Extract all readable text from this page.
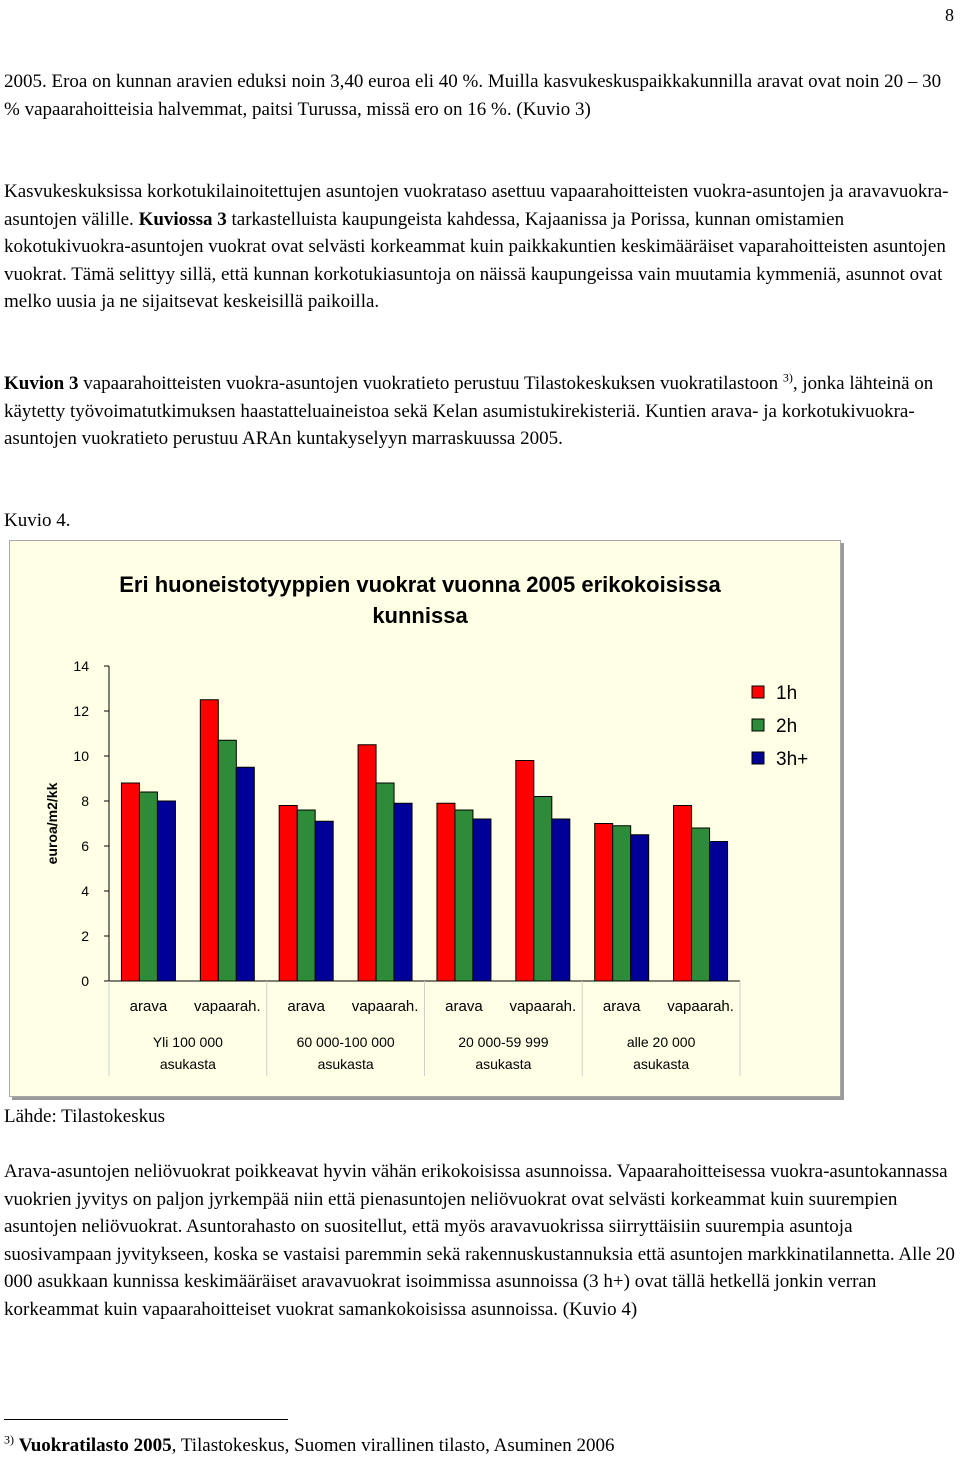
8

2005. Eroa on kunnan aravien eduksi noin 3,40 euroa eli 40 %. Muilla kasvukeskuspaikkakunnilla aravat ovat noin 20 – 30 % vapaarahoitteisia halvemmat, paitsi Turussa, missä ero on 16 %. (Kuvio 3)

Kasvukeskuksissa korkotukilainoitettujen asuntojen vuokrataso asettuu vapaarahoitteisten vuokra-asuntojen ja aravavuokra-asuntojen välille. Kuviossa 3 tarkastelluista kaupungeista kahdessa, Kajaanissa ja Porissa, kunnan omistamien kokotukivuokra-asuntojen vuokrat ovat selvästi korkeammat kuin paikkakuntien keskimääräiset vaparahoitteisten asuntojen vuokrat. Tämä selittyy sillä, että kunnan korkotukiasuntoja on näissä kaupungeissa vain muutamia kymmeniä, asunnot ovat melko uusia ja ne sijaitsevat keskeisillä paikoilla.

Kuvion 3 vapaarahoitteisten vuokra-asuntojen vuokratieto perustuu Tilastokeskuksen vuokratilastoon $^{3)}$, jonka lähteinä on käytetty työvoimatutkimuksen haastatteluaineistoa sekä Kelan asumistukirekisteriä. Kuntien arava- ja korkotukivuokra-asuntojen vuokratieto perustuu ARAn kuntakyselyyn marraskuussa 2005.

Kuvio 4.

Eri huoneistotyyppien vuokrat vuonna 2005 erikokoisissa kunnissa
0
2
4
6
8
10
12
14
euroa/m2/kk
arava vapaarah. arava vapaarah. arava vapaarah. arava vapaarah.
Yli 100 000
asukasta
60 000-100 000
asukasta
20 000-59 999
asukasta
alle 20 000
asukasta
1h
2h
3h+

Lähde: Tilastokeskus

Arava-asuntojen neliövuokrat poikkeavat hyvin vähän erikokoisissa asunnoissa. Vapaarahoitteisessa vuokra-asuntokannassa vuokrien jyvitys on paljon jyrkempää niin että pienasuntojen neliövuokrat ovat selvästi korkeammat kuin suurempien asuntojen neliövuokrat. Asuntorahasto on suositellut, että myös aravavuokrissa siirryttäisiin suurempia asuntoja suosivampaan jyvitykseen, koska se vastaisi paremmin sekä rakennuskustannuksia että asuntojen markkinatilannetta. Alle 20 000 asukkaan kunnissa keskimääräiset aravavuokrat isoimmissa asunnoissa (3 h+) ovat tällä hetkellä jonkin verran korkeammat kuin vapaarahoitteiset vuokrat samankokoisissa asunnoissa. (Kuvio 4)

$^{3)}$ Vuokratilasto 2005, Tilastokeskus, Suomen virallinen tilasto, Asuminen 2006
